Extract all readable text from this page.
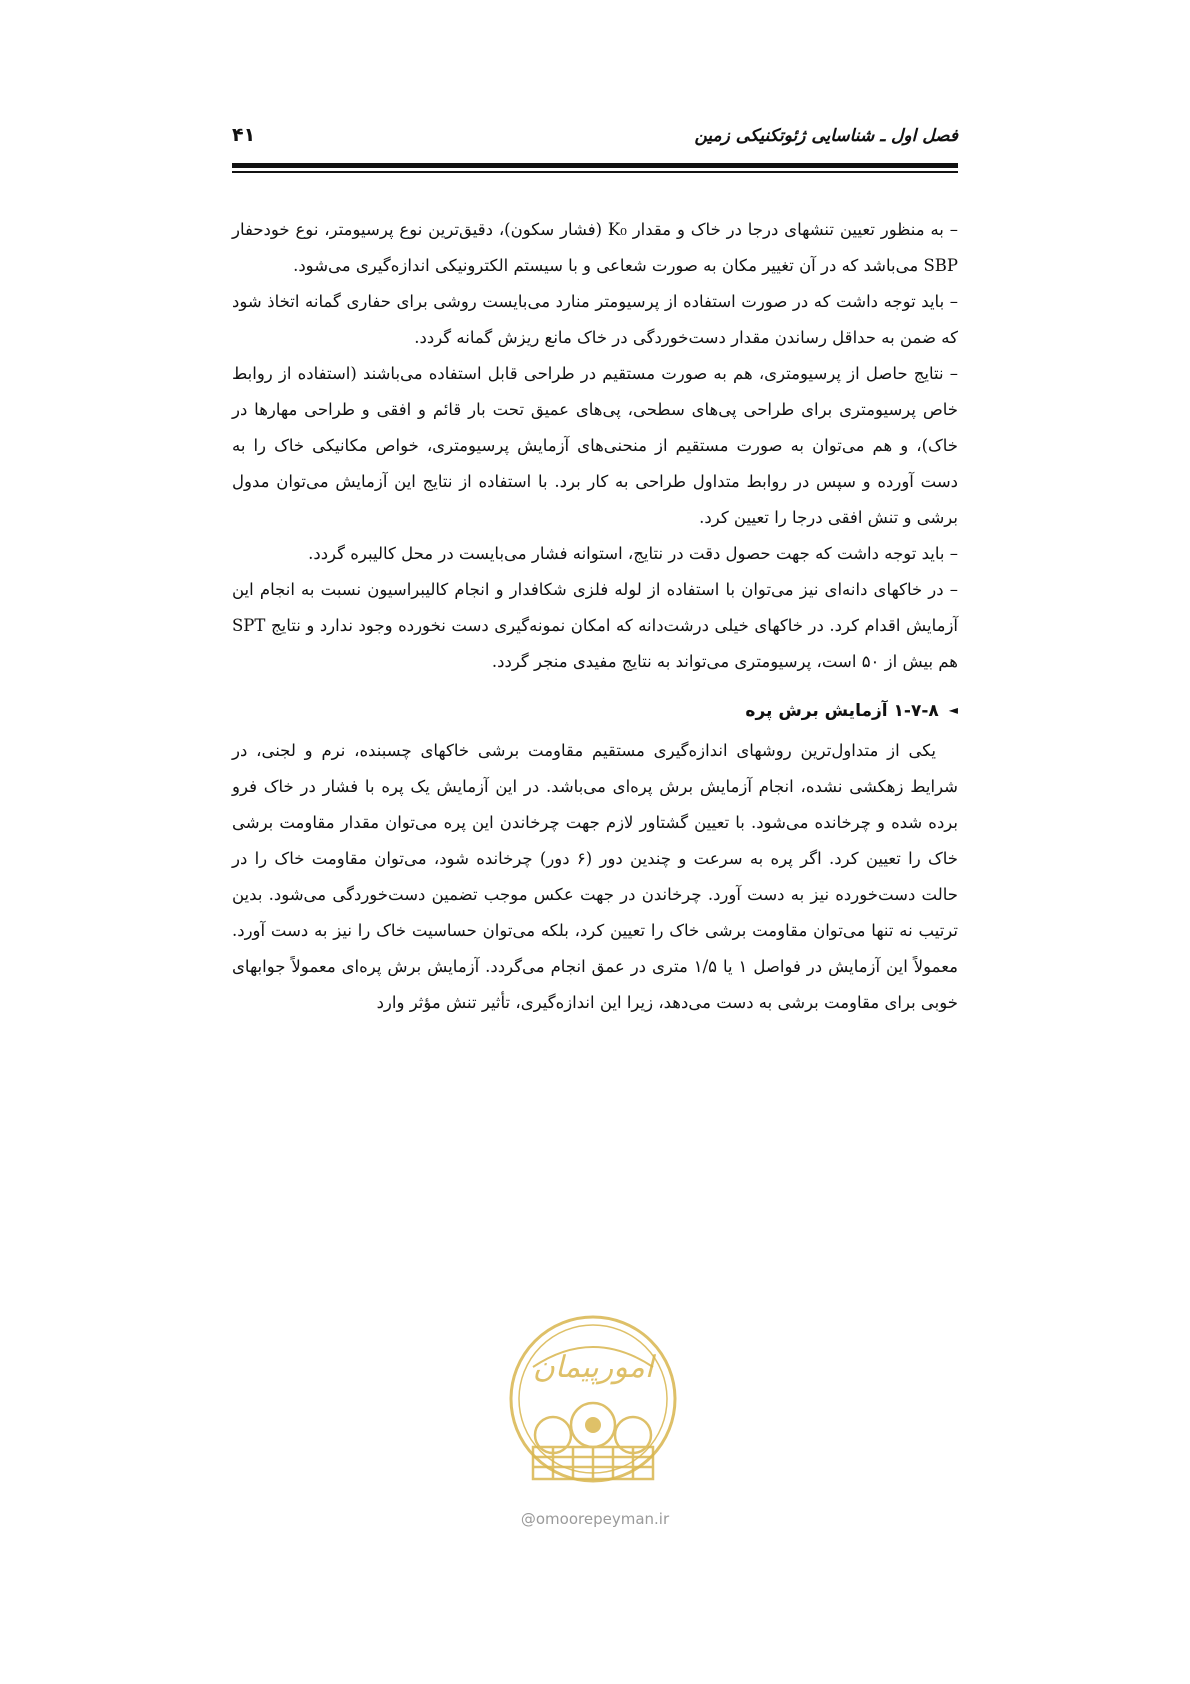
فصل اول ـ شناسایی ژئوتکنیکی زمین
۴۱

– به منظور تعیین تنشهای درجا در خاک و مقدار K₀ (فشار سکون)، دقیق‌ترین نوع پرسیومتر، نوع خودحفار SBP می‌باشد که در آن تغییر مکان به صورت شعاعی و با سیستم الکترونیکی اندازه‌گیری می‌شود.

– باید توجه داشت که در صورت استفاده از پرسیومتر منارد می‌بایست روشی برای حفاری گمانه اتخاذ شود که ضمن به حداقل رساندن مقدار دست‌خوردگی در خاک مانع ریزش گمانه گردد.

– نتایج حاصل از پرسیومتری، هم به صورت مستقیم در طراحی قابل استفاده می‌باشند (استفاده از روابط خاص پرسیومتری برای طراحی پی‌های سطحی، پی‌های عمیق تحت بار قائم و افقی و طراحی مهارها در خاک)، و هم می‌توان به صورت مستقیم از منحنی‌های آزمایش پرسیومتری، خواص مکانیکی خاک را به دست آورده و سپس در روابط متداول طراحی به کار برد. با استفاده از نتایج این آزمایش می‌توان مدول برشی و تنش افقی درجا را تعیین کرد.

– باید توجه داشت که جهت حصول دقت در نتایج، استوانه فشار می‌بایست در محل کالیبره گردد.

– در خاکهای دانه‌ای نیز می‌توان با استفاده از لوله فلزی شکافدار و انجام کالیبراسیون نسبت به انجام این آزمایش اقدام کرد. در خاکهای خیلی درشت‌دانه که امکان نمونه‌گیری دست نخورده وجود ندارد و نتایج SPT هم بیش از ۵۰ است، پرسیومتری می‌تواند به نتایج مفیدی منجر گردد.

◄۱-۷-۸ آزمایش برش پره

یکی از متداول‌ترین روشهای اندازه‌گیری مستقیم مقاومت برشی خاکهای چسبنده، نرم و لجنی، در شرایط زهکشی نشده، انجام آزمایش برش پره‌ای می‌باشد. در این آزمایش یک پره با فشار در خاک فرو برده شده و چرخانده می‌شود. با تعیین گشتاور لازم جهت چرخاندن این پره می‌توان مقدار مقاومت برشی خاک را تعیین کرد. اگر پره به سرعت و چندین دور (۶ دور) چرخانده شود، می‌توان مقاومت خاک را در حالت دست‌خورده نیز به دست آورد. چرخاندن در جهت عکس موجب تضمین دست‌خوردگی می‌شود. بدین ترتیب نه تنها می‌توان مقاومت برشی خاک را تعیین کرد، بلکه می‌توان حساسیت خاک را نیز به دست آورد. معمولاً این آزمایش در فواصل ۱ یا ۱/۵ متری در عمق انجام می‌گردد. آزمایش برش پره‌ای معمولاً جوابهای خوبی برای مقاومت برشی به دست می‌دهد، زیرا این اندازه‌گیری، تأثیر تنش مؤثر وارد

امورپیمان
@omoorepeyman.ir
